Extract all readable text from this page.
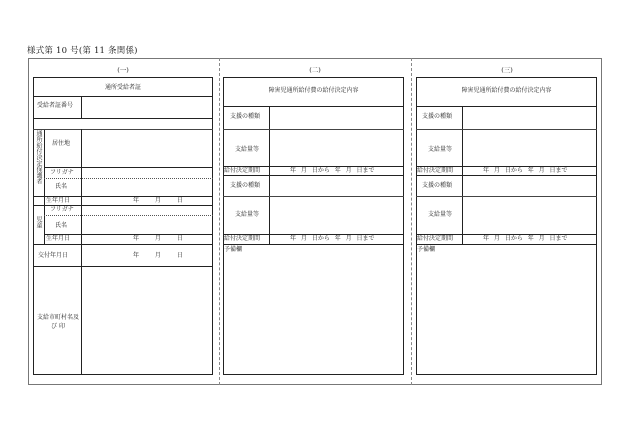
様式第 10 号(第 11 条関係)
(一)	(二)	(三)
通所受給者証
受給者証番号
通所給付決定保護者 居住地
フリガナ
氏名
生年月日	年 月 日
児童
フリガナ
氏名
生年月日	年 月 日
交付年月日	年 月 日
支給市町村名及び 印
障害児通所給付費の給付決定内容
支援の種類
支給量等
給付決定期間	年 月 日から 年 月 日まで
支援の種類
支給量等
給付決定期間	年 月 日から 年 月 日まで
予備欄
障害児通所給付費の給付決定内容
支援の種類
支給量等
給付決定期間	年 月 日から 年 月 日まで
支援の種類
支給量等
給付決定期間	年 月 日から 年 月 日まで
予備欄
